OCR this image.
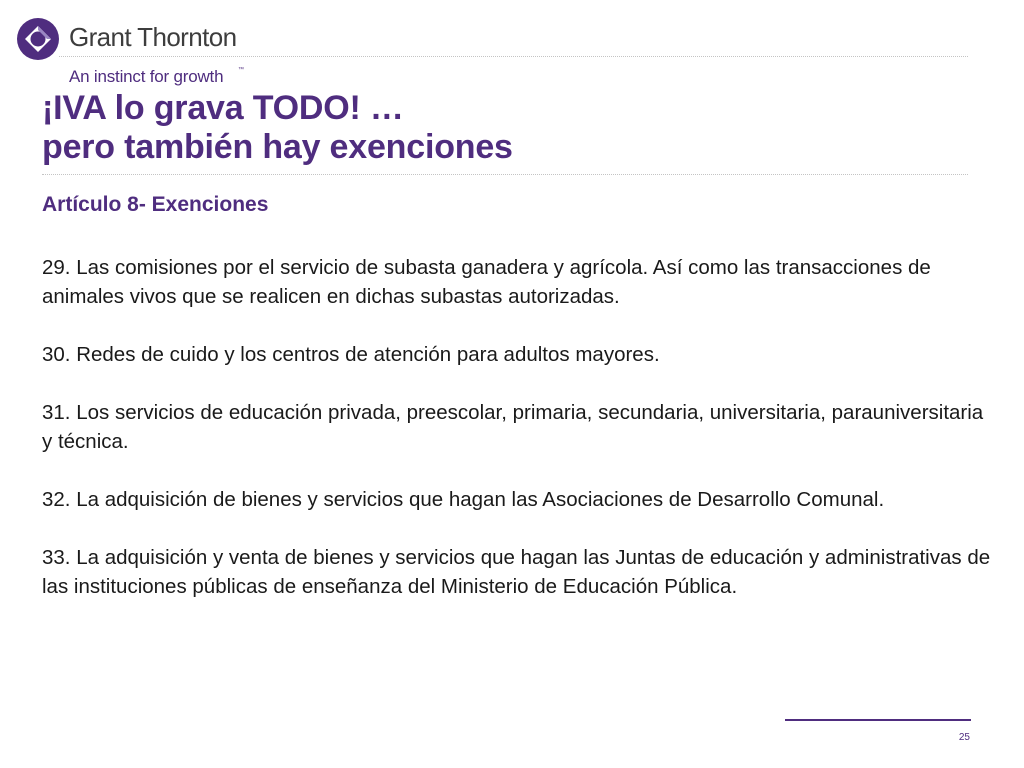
Grant Thornton
An instinct for growth ™
¡IVA lo grava TODO! …
pero también hay exenciones
Artículo 8- Exenciones
29. Las comisiones por el servicio de subasta ganadera y agrícola. Así como las transacciones de animales vivos que se realicen en dichas subastas autorizadas.
30. Redes de cuido y los centros de atención para adultos mayores.
31. Los servicios de educación privada, preescolar, primaria, secundaria, universitaria, parauniversitaria y técnica.
32. La adquisición de bienes y servicios que hagan las Asociaciones de Desarrollo Comunal.
33. La adquisición y venta de bienes y servicios que hagan las Juntas de educación y administrativas de las instituciones públicas de enseñanza del Ministerio de Educación Pública.
25
